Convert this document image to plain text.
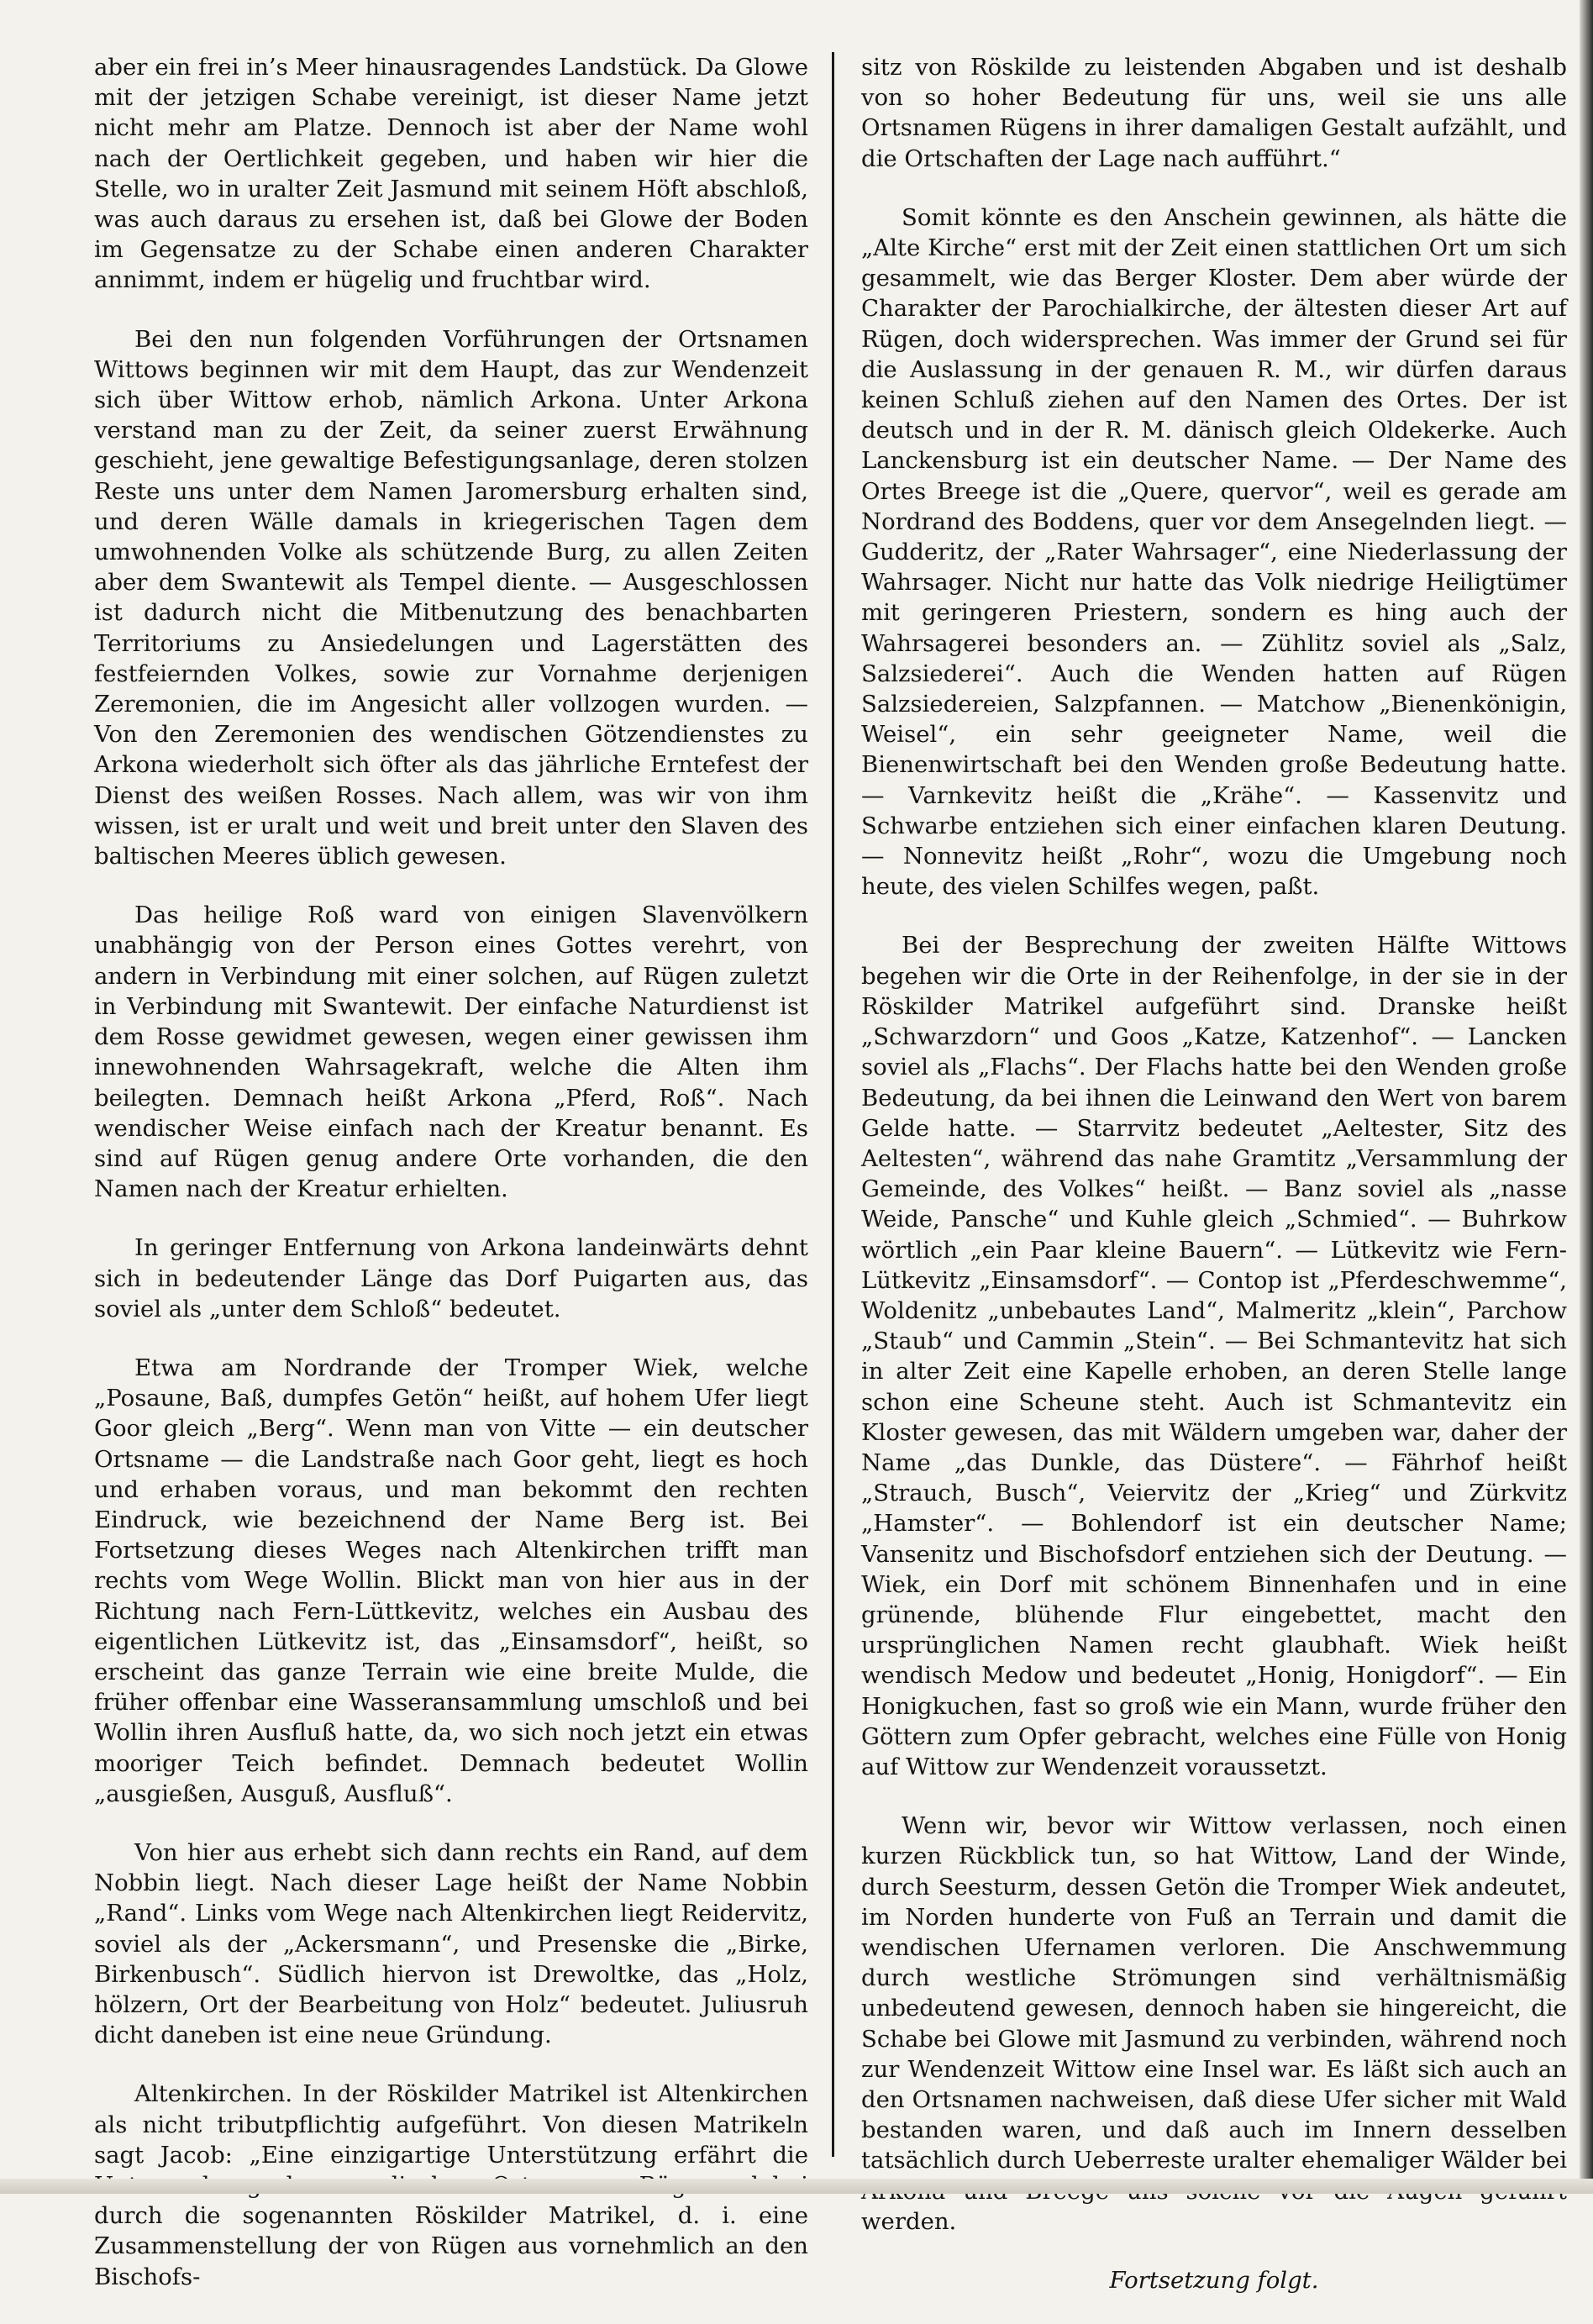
aber ein frei in’s Meer hinausragendes Landstück. Da Glowe mit der jetzigen Schabe vereinigt, ist dieser Name jetzt nicht mehr am Platze. Dennoch ist aber der Name wohl nach der Oertlichkeit gegeben, und haben wir hier die Stelle, wo in uralter Zeit Jasmund mit seinem Höft abschloß, was auch daraus zu ersehen ist, daß bei Glowe der Boden im Gegensatze zu der Schabe einen anderen Charakter annimmt, indem er hügelig und fruchtbar wird.

Bei den nun folgenden Vorführungen der Ortsnamen Wittows beginnen wir mit dem Haupt, das zur Wendenzeit sich über Wittow erhob, nämlich Arkona. Unter Arkona verstand man zu der Zeit, da seiner zuerst Erwähnung geschieht, jene gewaltige Befestigungsanlage, deren stolzen Reste uns unter dem Namen Jaromersburg erhalten sind, und deren Wälle damals in kriegerischen Tagen dem umwohnenden Volke als schützende Burg, zu allen Zeiten aber dem Swantewit als Tempel diente. — Ausgeschlossen ist dadurch nicht die Mitbenutzung des benachbarten Territoriums zu Ansiedelungen und Lagerstätten des festfeiernden Volkes, sowie zur Vornahme derjenigen Zeremonien, die im Angesicht aller vollzogen wurden. — Von den Zeremonien des wendischen Götzendienstes zu Arkona wiederholt sich öfter als das jährliche Erntefest der Dienst des weißen Rosses. Nach allem, was wir von ihm wissen, ist er uralt und weit und breit unter den Slaven des baltischen Meeres üblich gewesen.

Das heilige Roß ward von einigen Slavenvölkern unabhängig von der Person eines Gottes verehrt, von andern in Verbindung mit einer solchen, auf Rügen zuletzt in Verbindung mit Swantewit. Der einfache Naturdienst ist dem Rosse gewidmet gewesen, wegen einer gewissen ihm innewohnenden Wahrsagekraft, welche die Alten ihm beilegten. Demnach heißt Arkona „Pferd, Roß“. Nach wendischer Weise einfach nach der Kreatur benannt. Es sind auf Rügen genug andere Orte vorhanden, die den Namen nach der Kreatur erhielten.

In geringer Entfernung von Arkona landeinwärts dehnt sich in bedeutender Länge das Dorf Puigarten aus, das soviel als „unter dem Schloß“ bedeutet.

Etwa am Nordrande der Tromper Wiek, welche „Posaune, Baß, dumpfes Getön“ heißt, auf hohem Ufer liegt Goor gleich „Berg“. Wenn man von Vitte — ein deutscher Ortsname — die Landstraße nach Goor geht, liegt es hoch und erhaben voraus, und man bekommt den rechten Eindruck, wie bezeichnend der Name Berg ist. Bei Fortsetzung dieses Weges nach Altenkirchen trifft man rechts vom Wege Wollin. Blickt man von hier aus in der Richtung nach Fern-Lüttkevitz, welches ein Ausbau des eigentlichen Lütkevitz ist, das „Einsamsdorf“, heißt, so erscheint das ganze Terrain wie eine breite Mulde, die früher offenbar eine Wasseransammlung umschloß und bei Wollin ihren Ausfluß hatte, da, wo sich noch jetzt ein etwas mooriger Teich befindet. Demnach bedeutet Wollin „ausgießen, Ausguß, Ausfluß“.

Von hier aus erhebt sich dann rechts ein Rand, auf dem Nobbin liegt. Nach dieser Lage heißt der Name Nobbin „Rand“. Links vom Wege nach Altenkirchen liegt Reidervitz, soviel als der „Ackersmann“, und Presenske die „Birke, Birkenbusch“. Südlich hiervon ist Drewoltke, das „Holz, hölzern, Ort der Bearbeitung von Holz“ bedeutet. Juliusruh dicht daneben ist eine neue Gründung.

Altenkirchen. In der Röskilder Matrikel ist Altenkirchen als nicht tributpflichtig aufgeführt. Von diesen Matrikeln sagt Jacob: „Eine einzigartige Unterstützung erfährt die durch die sogenannten Röskilder Matrikel, d. i. eine Zusammenstellung der von Rügen aus vornehmlich an den Bischofs-

sitz von Röskilde zu leistenden Abgaben und ist deshalb von so hoher Bedeutung für uns, weil sie uns alle Ortsnamen Rügens in ihrer damaligen Gestalt aufzählt, und die Ortschaften der Lage nach aufführt.“

Somit könnte es den Anschein gewinnen, als hätte die „Alte Kirche“ erst mit der Zeit einen stattlichen Ort um sich gesammelt, wie das Berger Kloster. Dem aber würde der Charakter der Parochialkirche, der ältesten dieser Art auf Rügen, doch widersprechen. Was immer der Grund sei für die Auslassung in der genauen R. M., wir dürfen daraus keinen Schluß ziehen auf den Namen des Ortes. Der ist deutsch und in der R. M. dänisch gleich Oldekerke. Auch Lanckensburg ist ein deutscher Name. — Der Name des Ortes Breege ist die „Quere, quervor“, weil es gerade am Nordrand des Boddens, quer vor dem Ansegelnden liegt. — Gudderitz, der „Rater Wahrsager“, eine Niederlassung der Wahrsager. Nicht nur hatte das Volk niedrige Heiligtümer mit geringeren Priestern, sondern es hing auch der Wahrsagerei besonders an. — Zühlitz soviel als „Salz, Salzsiederei“. Auch die Wenden hatten auf Rügen Salzsiedereien, Salzpfannen. — Matchow „Bienenkönigin, Weisel“, ein sehr geeigneter Name, weil die Bienenwirtschaft bei den Wenden große Bedeutung hatte. — Varnkevitz heißt die „Krähe“. — Kassenvitz und Schwarbe entziehen sich einer einfachen klaren Deutung. — Nonnevitz heißt „Rohr“, wozu die Umgebung noch heute, des vielen Schilfes wegen, paßt.

Bei der Besprechung der zweiten Hälfte Wittows begehen wir die Orte in der Reihenfolge, in der sie in der Röskilder Matrikel aufgeführt sind. Dranske heißt „Schwarzdorn“ und Goos „Katze, Katzenhof“. — Lancken soviel als „Flachs“. Der Flachs hatte bei den Wenden große Bedeutung, da bei ihnen die Leinwand den Wert von barem Gelde hatte. — Starrvitz bedeutet „Aeltester, Sitz des Aeltesten“, während das nahe Gramtitz „Versammlung der Gemeinde, des Volkes“ heißt. — Banz soviel als „nasse Weide, Pansche“ und Kuhle gleich „Schmied“. — Buhrkow wörtlich „ein Paar kleine Bauern“. — Lütkevitz wie Fern-Lütkevitz „Einsamsdorf“. — Contop ist „Pferdeschwemme“, Woldenitz „unbebautes Land“, Malmeritz „klein“, Parchow „Staub“ und Cammin „Stein“. — Bei Schmantevitz hat sich in alter Zeit eine Kapelle erhoben, an deren Stelle lange schon eine Scheune steht. Auch ist Schmantevitz ein Kloster gewesen, das mit Wäldern umgeben war, daher der Name „das Dunkle, das Düstere“. — Fährhof heißt „Strauch, Busch“, Veiervitz der „Krieg“ und Zürkvitz „Hamster“. — Bohlendorf ist ein deutscher Name; Vansenitz und Bischofsdorf entziehen sich der Deutung. — Wiek, ein Dorf mit schönem Binnenhafen und in eine grünende, blühende Flur eingebettet, macht den ursprünglichen Namen recht glaubhaft. Wiek heißt wendisch Medow und bedeutet „Honig, Honigdorf“. — Ein Honigkuchen, fast so groß wie ein Mann, wurde früher den Göttern zum Opfer gebracht, welches eine Fülle von Honig auf Wittow zur Wendenzeit voraussetzt.

Wenn wir, bevor wir Wittow verlassen, noch einen kurzen Rückblick tun, so hat Wittow, Land der Winde, durch Seesturm, dessen Getön die Tromper Wiek andeutet, im Norden hunderte von Fuß an Terrain und damit die wendischen Ufernamen verloren. Die Anschwemmung durch westliche Strömungen sind verhältnismäßig unbedeutend gewesen, dennoch haben sie hingereicht, die Schabe bei Glowe mit Jasmund zu verbinden, während noch zur Wendenzeit Wittow eine Insel war. Es läßt sich auch an den Ortsnamen nachweisen, daß diese Ufer sicher mit Wald bestanden waren, und daß auch im Innern desselben tatsächlich durch Ueberreste uralter ehemaliger Wälder bei werden.

Fortsetzung folgt.
